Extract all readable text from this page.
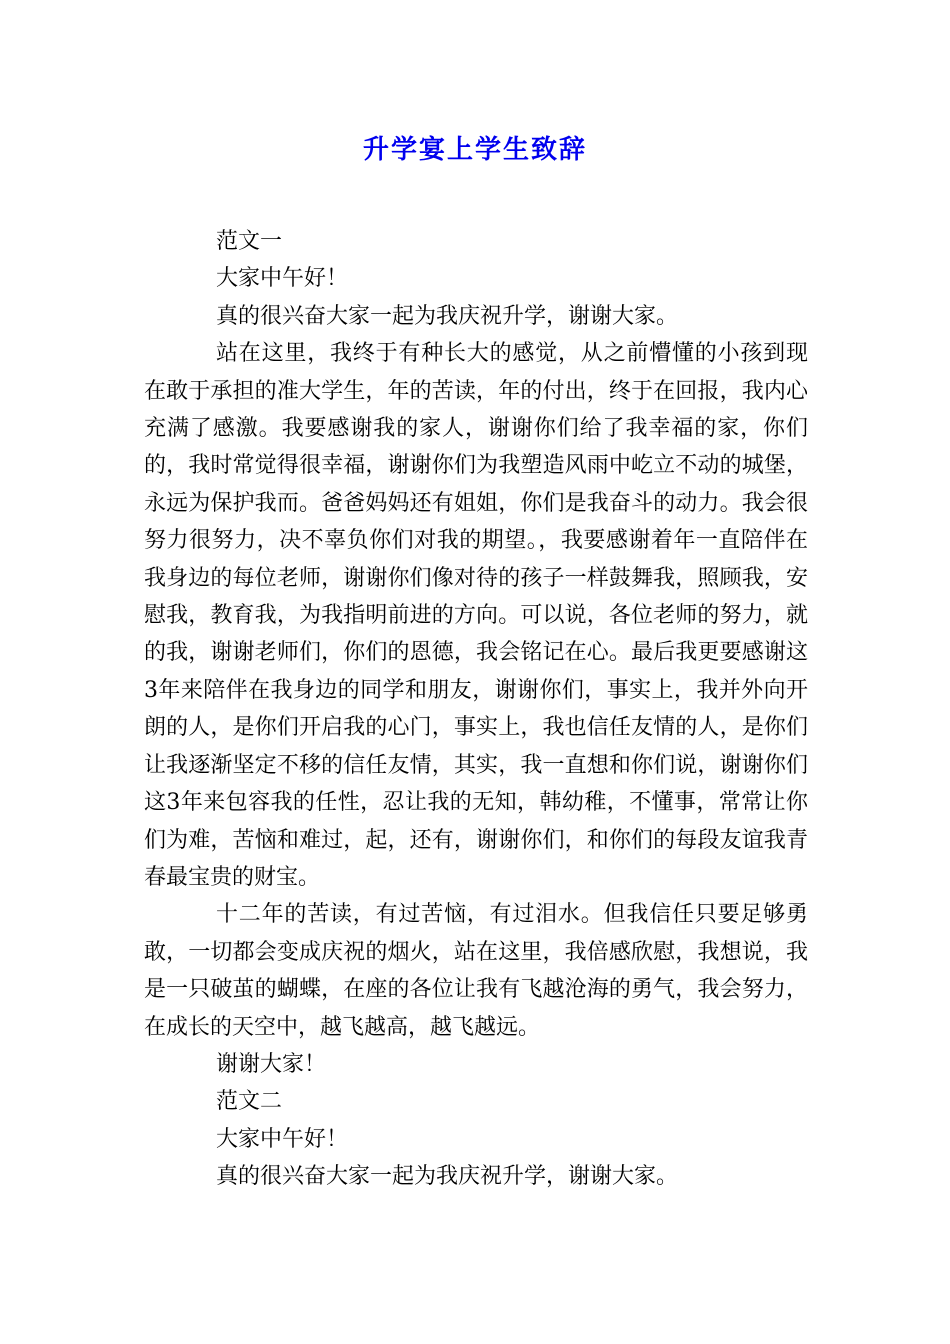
升学宴上学生致辞

范文一

大家中午好！

真的很兴奋大家一起为我庆祝升学，谢谢大家。

站在这里，我终于有种长大的感觉，从之前懵懂的小孩到现在敢于承担的准大学生，年的苦读，年的付出，终于在回报，我内心充满了感激。我要感谢我的家人，谢谢你们给了我幸福的家，你们的，我时常觉得很幸福，谢谢你们为我塑造风雨中屹立不动的城堡，永远为保护我而。爸爸妈妈还有姐姐，你们是我奋斗的动力。我会很努力很努力，决不辜负你们对我的期望。，我要感谢着年一直陪伴在我身边的每位老师，谢谢你们像对待的孩子一样鼓舞我，照顾我，安慰我，教育我，为我指明前进的方向。可以说，各位老师的努力，就的我，谢谢老师们，你们的恩德，我会铭记在心。最后我更要感谢这3年来陪伴在我身边的同学和朋友，谢谢你们，事实上，我并外向开朗的人，是你们开启我的心门，事实上，我也信任友情的人，是你们让我逐渐坚定不移的信任友情，其实，我一直想和你们说，谢谢你们这3年来包容我的任性，忍让我的无知，韩幼稚，不懂事，常常让你们为难，苦恼和难过，起，还有，谢谢你们，和你们的每段友谊我青春最宝贵的财宝。

十二年的苦读，有过苦恼，有过泪水。但我信任只要足够勇敢，一切都会变成庆祝的烟火，站在这里，我倍感欣慰，我想说，我是一只破茧的蝴蝶，在座的各位让我有飞越沧海的勇气，我会努力，在成长的天空中，越飞越高，越飞越远。

谢谢大家！

范文二

大家中午好！

真的很兴奋大家一起为我庆祝升学，谢谢大家。
